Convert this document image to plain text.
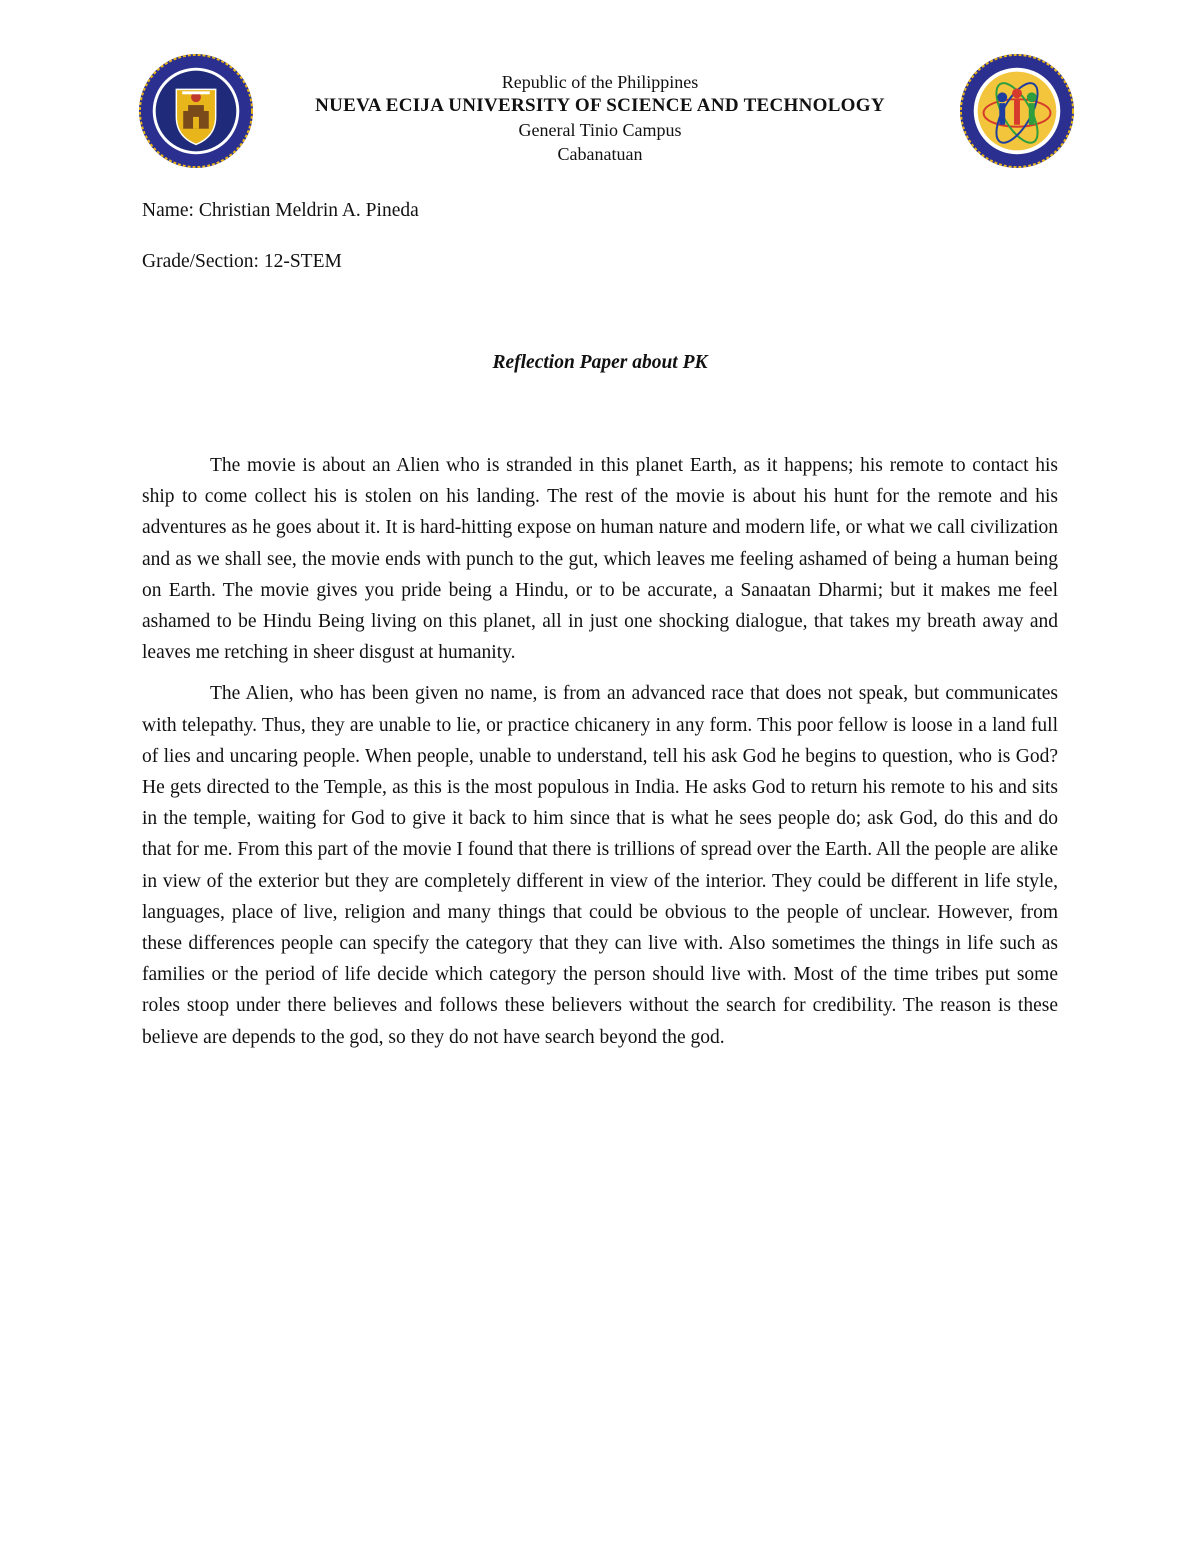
Republic of the Philippines
NUEVA ECIJA UNIVERSITY OF SCIENCE AND TECHNOLOGY
General Tinio Campus
Cabanatuan
Name: Christian Meldrin A. Pineda
Grade/Section: 12-STEM
Reflection Paper about PK

The movie is about an Alien who is stranded in this planet Earth, as it happens; his remote to contact his ship to come collect his is stolen on his landing. The rest of the movie is about his hunt for the remote and his adventures as he goes about it. It is hard-hitting expose on human nature and modern life, or what we call civilization and as we shall see, the movie ends with punch to the gut, which leaves me feeling ashamed of being a human being on Earth. The movie gives you pride being a Hindu, or to be accurate, a Sanaatan Dharmi; but it makes me feel ashamed to be Hindu Being living on this planet, all in just one shocking dialogue, that takes my breath away and leaves me retching in sheer disgust at humanity.

The Alien, who has been given no name, is from an advanced race that does not speak, but communicates with telepathy. Thus, they are unable to lie, or practice chicanery in any form. This poor fellow is loose in a land full of lies and uncaring people. When people, unable to understand, tell his ask God he begins to question, who is God? He gets directed to the Temple, as this is the most populous in India. He asks God to return his remote to his and sits in the temple, waiting for God to give it back to him since that is what he sees people do; ask God, do this and do that for me. From this part of the movie I found that there is trillions of spread over the Earth. All the people are alike in view of the exterior but they are completely different in view of the interior. They could be different in life style, languages, place of live, religion and many things that could be obvious to the people of unclear. However, from these differences people can specify the category that they can live with. Also sometimes the things in life such as families or the period of life decide which category the person should live with. Most of the time tribes put some roles stoop under there believes and follows these believers without the search for credibility. The reason is these believe are depends to the god, so they do not have search beyond the god.
